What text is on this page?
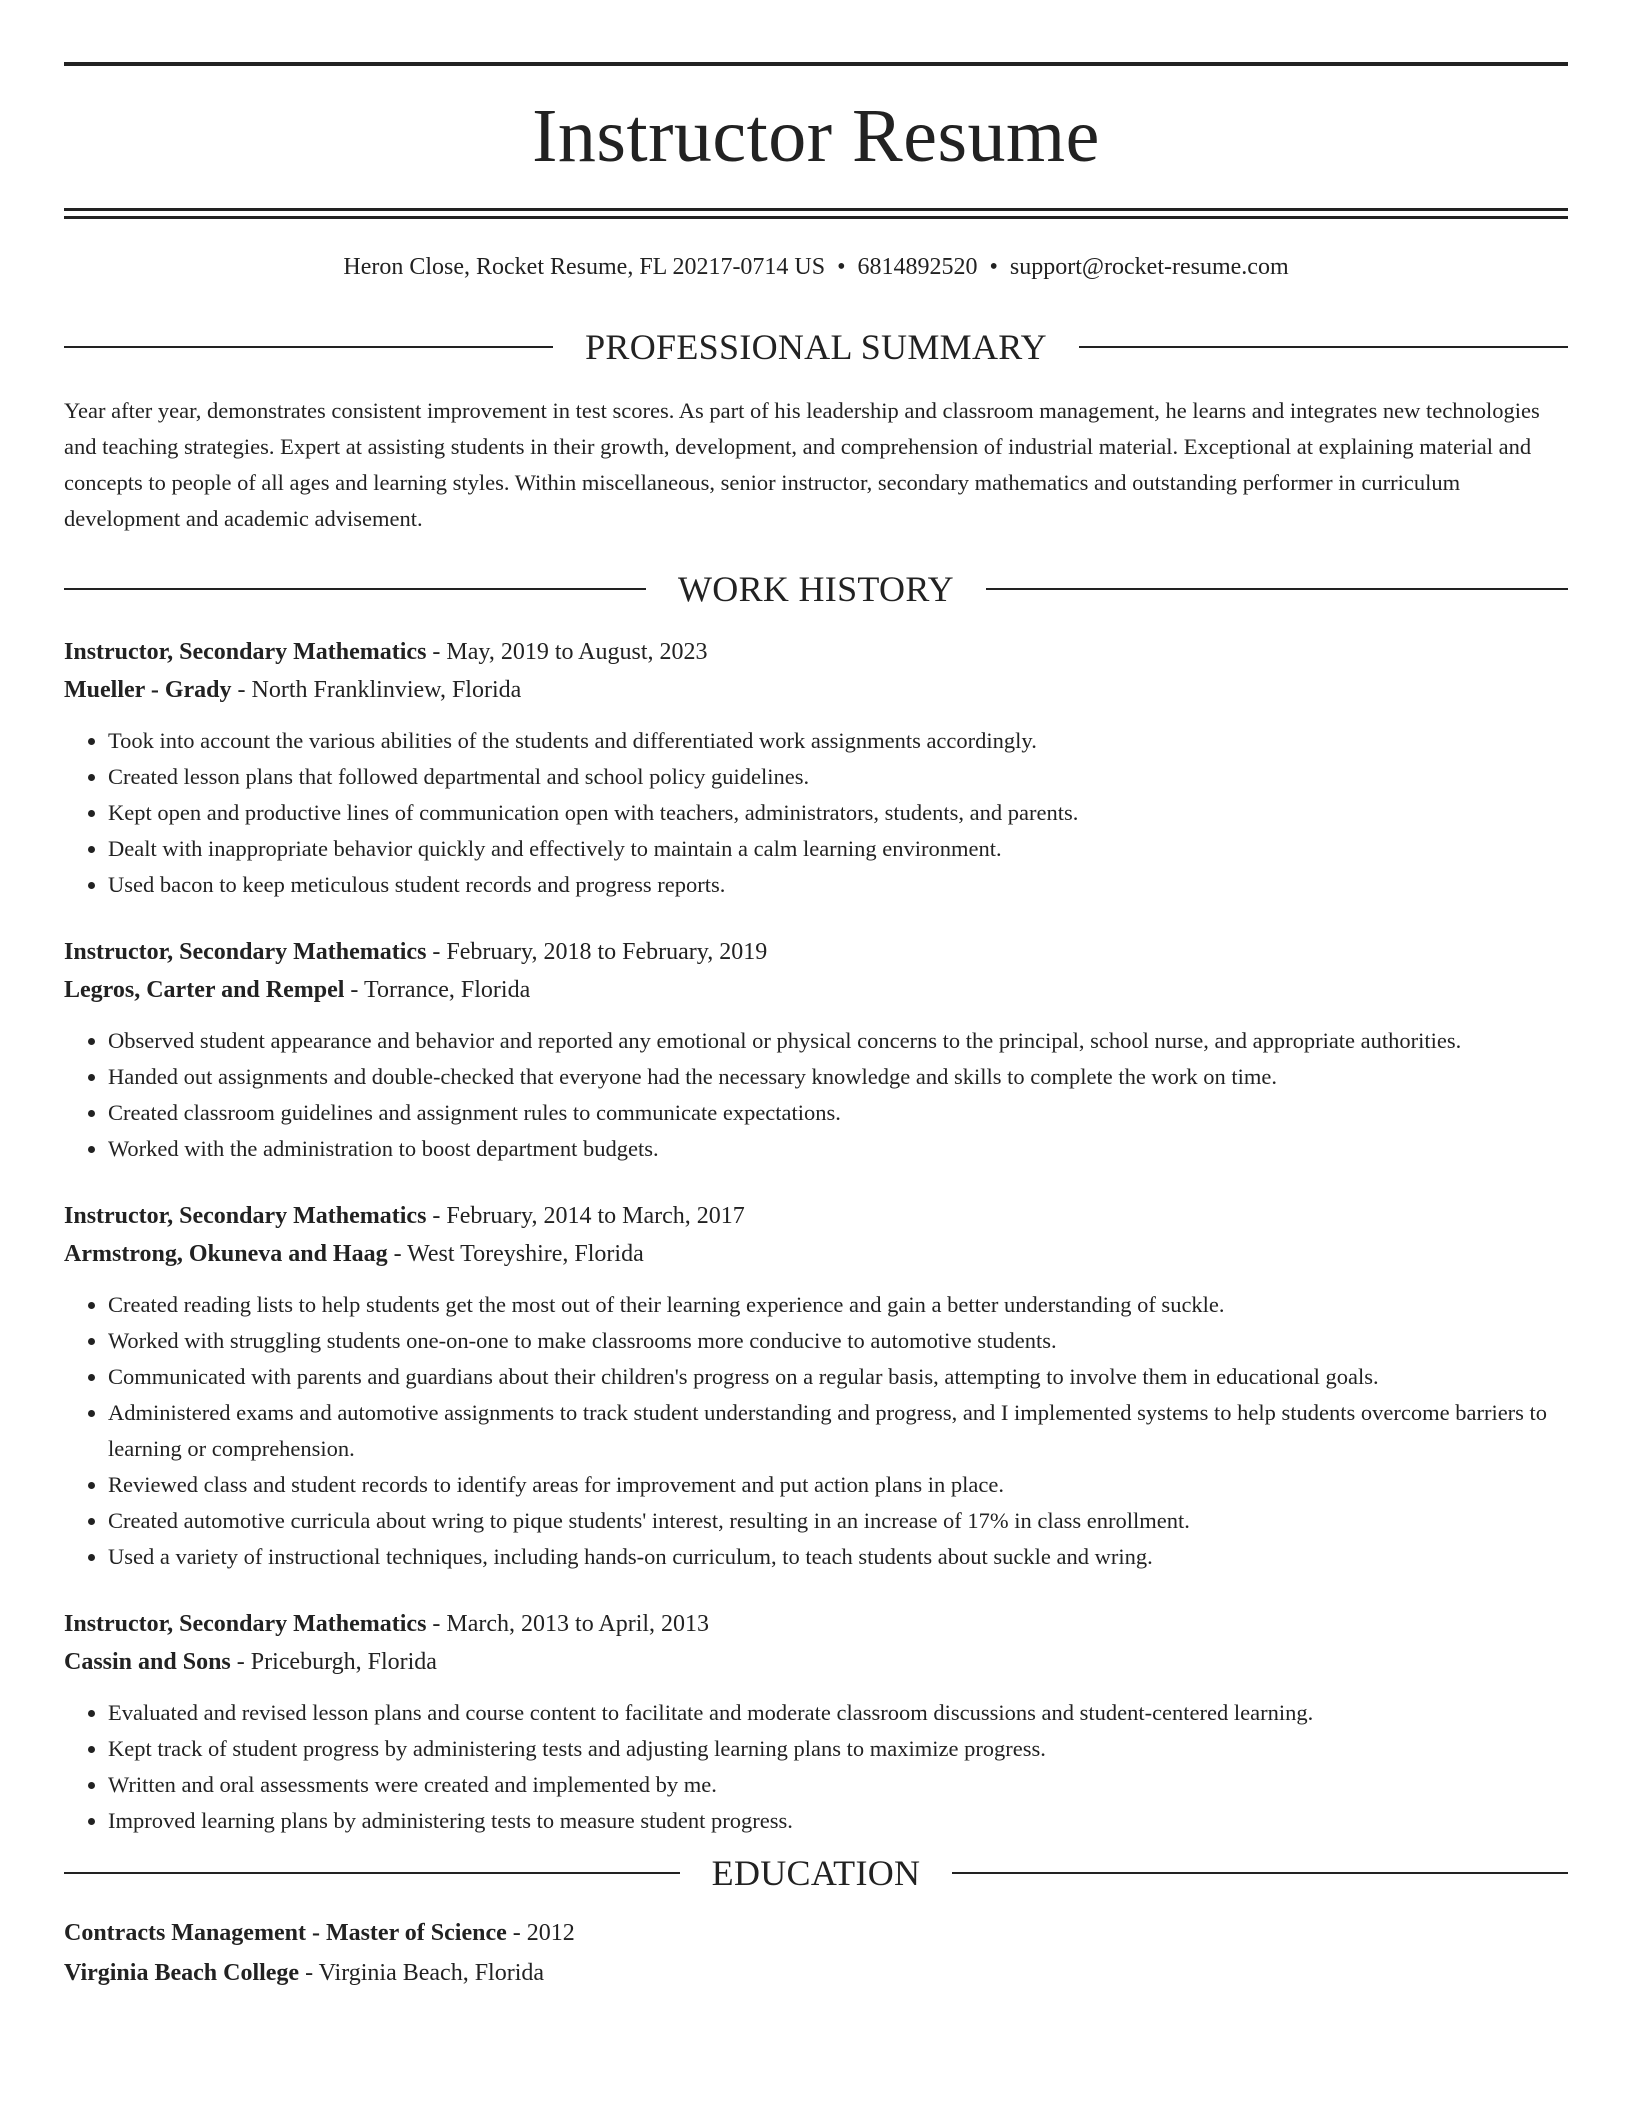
Instructor Resume
Heron Close, Rocket Resume, FL 20217-0714 US • 6814892520 • support@rocket-resume.com
PROFESSIONAL SUMMARY

Year after year, demonstrates consistent improvement in test scores. As part of his leadership and classroom management, he learns and integrates new technologies and teaching strategies. Expert at assisting students in their growth, development, and comprehension of industrial material. Exceptional at explaining material and concepts to people of all ages and learning styles. Within miscellaneous, senior instructor, secondary mathematics and outstanding performer in curriculum development and academic advisement.

WORK HISTORY
Instructor, Secondary Mathematics - May, 2019 to August, 2023
Mueller - Grady - North Franklinview, Florida
• Took into account the various abilities of the students and differentiated work assignments accordingly.
• Created lesson plans that followed departmental and school policy guidelines.
• Kept open and productive lines of communication open with teachers, administrators, students, and parents.
• Dealt with inappropriate behavior quickly and effectively to maintain a calm learning environment.
• Used bacon to keep meticulous student records and progress reports.
Instructor, Secondary Mathematics - February, 2018 to February, 2019
Legros, Carter and Rempel - Torrance, Florida
• Observed student appearance and behavior and reported any emotional or physical concerns to the principal, school nurse, and appropriate authorities.
• Handed out assignments and double-checked that everyone had the necessary knowledge and skills to complete the work on time.
• Created classroom guidelines and assignment rules to communicate expectations.
• Worked with the administration to boost department budgets.
Instructor, Secondary Mathematics - February, 2014 to March, 2017
Armstrong, Okuneva and Haag - West Toreyshire, Florida
• Created reading lists to help students get the most out of their learning experience and gain a better understanding of suckle.
• Worked with struggling students one-on-one to make classrooms more conducive to automotive students.
• Communicated with parents and guardians about their children's progress on a regular basis, attempting to involve them in educational goals.
• Administered exams and automotive assignments to track student understanding and progress, and I implemented systems to help students overcome barriers to learning or comprehension.
• Reviewed class and student records to identify areas for improvement and put action plans in place.
• Created automotive curricula about wring to pique students' interest, resulting in an increase of 17% in class enrollment.
• Used a variety of instructional techniques, including hands-on curriculum, to teach students about suckle and wring.
Instructor, Secondary Mathematics - March, 2013 to April, 2013
Cassin and Sons - Priceburgh, Florida
• Evaluated and revised lesson plans and course content to facilitate and moderate classroom discussions and student-centered learning.
• Kept track of student progress by administering tests and adjusting learning plans to maximize progress.
• Written and oral assessments were created and implemented by me.
• Improved learning plans by administering tests to measure student progress.
EDUCATION
Contracts Management - Master of Science - 2012
Virginia Beach College - Virginia Beach, Florida
